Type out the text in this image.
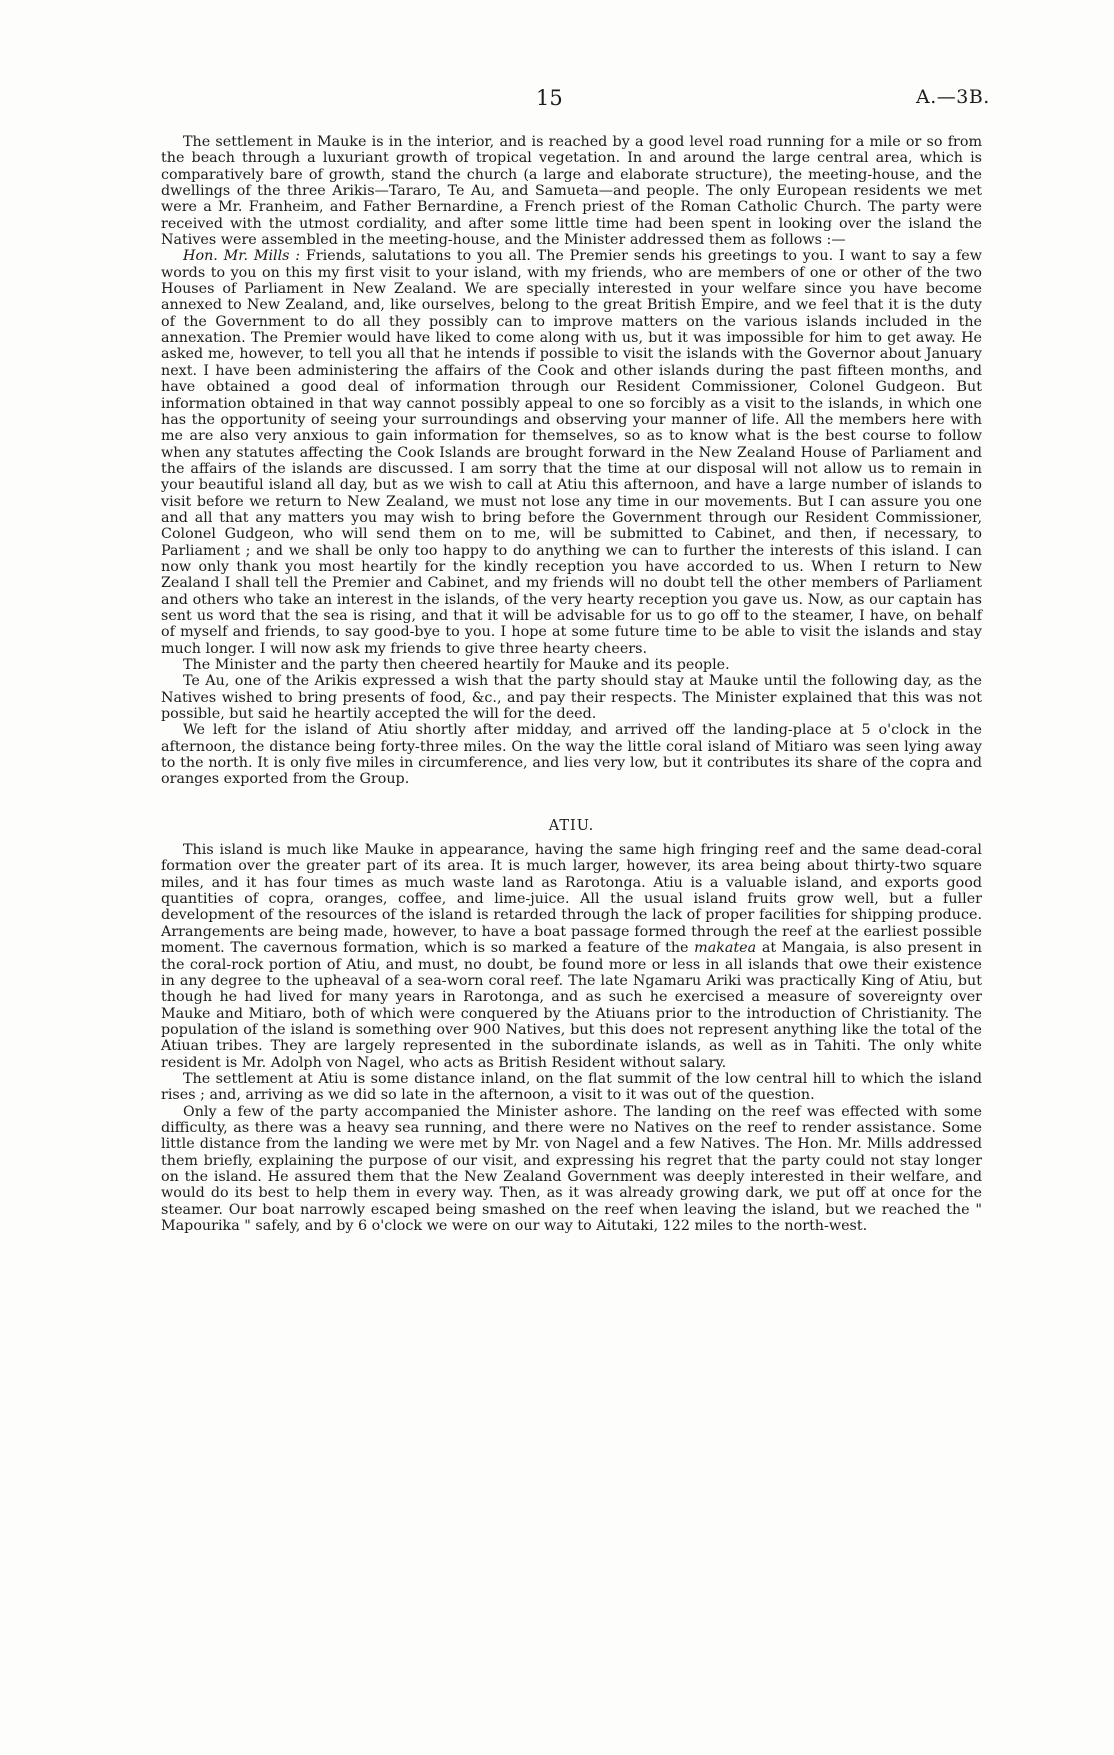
15	A.—3B.

The settlement in Mauke is in the interior, and is reached by a good level road running for a mile or so from the beach through a luxuriant growth of tropical vegetation. In and around the large central area, which is comparatively bare of growth, stand the church (a large and elaborate structure), the meeting-house, and the dwellings of the three Arikis—Tararo, Te Au, and Samueta—and people. The only European residents we met were a Mr. Franheim, and Father Bernardine, a French priest of the Roman Catholic Church. The party were received with the utmost cordiality, and after some little time had been spent in looking over the island the Natives were assembled in the meeting-house, and the Minister addressed them as follows :—

Hon. Mr. Mills : Friends, salutations to you all. The Premier sends his greetings to you. I want to say a few words to you on this my first visit to your island, with my friends, who are members of one or other of the two Houses of Parliament in New Zealand. We are specially interested in your welfare since you have become annexed to New Zealand, and, like ourselves, belong to the great British Empire, and we feel that it is the duty of the Government to do all they possibly can to improve matters on the various islands included in the annexation. The Premier would have liked to come along with us, but it was impossible for him to get away. He asked me, however, to tell you all that he intends if possible to visit the islands with the Governor about January next. I have been administering the affairs of the Cook and other islands during the past fifteen months, and have obtained a good deal of information through our Resident Commissioner, Colonel Gudgeon. But information obtained in that way cannot possibly appeal to one so forcibly as a visit to the islands, in which one has the opportunity of seeing your surroundings and observing your manner of life. All the members here with me are also very anxious to gain information for themselves, so as to know what is the best course to follow when any statutes affecting the Cook Islands are brought forward in the New Zealand House of Parliament and the affairs of the islands are discussed. I am sorry that the time at our disposal will not allow us to remain in your beautiful island all day, but as we wish to call at Atiu this afternoon, and have a large number of islands to visit before we return to New Zealand, we must not lose any time in our movements. But I can assure you one and all that any matters you may wish to bring before the Government through our Resident Commissioner, Colonel Gudgeon, who will send them on to me, will be submitted to Cabinet, and then, if necessary, to Parliament ; and we shall be only too happy to do anything we can to further the interests of this island. I can now only thank you most heartily for the kindly reception you have accorded to us. When I return to New Zealand I shall tell the Premier and Cabinet, and my friends will no doubt tell the other members of Parliament and others who take an interest in the islands, of the very hearty reception you gave us. Now, as our captain has sent us word that the sea is rising, and that it will be advisable for us to go off to the steamer, I have, on behalf of myself and friends, to say good-bye to you. I hope at some future time to be able to visit the islands and stay much longer. I will now ask my friends to give three hearty cheers.

The Minister and the party then cheered heartily for Mauke and its people.

Te Au, one of the Arikis expressed a wish that the party should stay at Mauke until the following day, as the Natives wished to bring presents of food, &c., and pay their respects. The Minister explained that this was not possible, but said he heartily accepted the will for the deed.

We left for the island of Atiu shortly after midday, and arrived off the landing-place at 5 o'clock in the afternoon, the distance being forty-three miles. On the way the little coral island of Mitiaro was seen lying away to the north. It is only five miles in circumference, and lies very low, but it contributes its share of the copra and oranges exported from the Group.

ATIU.

This island is much like Mauke in appearance, having the same high fringing reef and the same dead-coral formation over the greater part of its area. It is much larger, however, its area being about thirty-two square miles, and it has four times as much waste land as Rarotonga. Atiu is a valuable island, and exports good quantities of copra, oranges, coffee, and lime-juice. All the usual island fruits grow well, but a fuller development of the resources of the island is retarded through the lack of proper facilities for shipping produce. Arrangements are being made, however, to have a boat passage formed through the reef at the earliest possible moment. The cavernous formation, which is so marked a feature of the makatea at Mangaia, is also present in the coral-rock portion of Atiu, and must, no doubt, be found more or less in all islands that owe their existence in any degree to the upheaval of a sea-worn coral reef. The late Ngamaru Ariki was practically King of Atiu, but though he had lived for many years in Rarotonga, and as such he exercised a measure of sovereignty over Mauke and Mitiaro, both of which were conquered by the Atiuans prior to the introduction of Christianity. The population of the island is something over 900 Natives, but this does not represent anything like the total of the Atiuan tribes. They are largely represented in the subordinate islands, as well as in Tahiti. The only white resident is Mr. Adolph von Nagel, who acts as British Resident without salary.

The settlement at Atiu is some distance inland, on the flat summit of the low central hill to which the island rises ; and, arriving as we did so late in the afternoon, a visit to it was out of the question.

Only a few of the party accompanied the Minister ashore. The landing on the reef was effected with some difficulty, as there was a heavy sea running, and there were no Natives on the reef to render assistance. Some little distance from the landing we were met by Mr. von Nagel and a few Natives. The Hon. Mr. Mills addressed them briefly, explaining the purpose of our visit, and expressing his regret that the party could not stay longer on the island. He assured them that the New Zealand Government was deeply interested in their welfare, and would do its best to help them in every way. Then, as it was already growing dark, we put off at once for the steamer. Our boat narrowly escaped being smashed on the reef when leaving the island, but we reached the " Mapourika " safely, and by 6 o'clock we were on our way to Aitutaki, 122 miles to the north-west.
